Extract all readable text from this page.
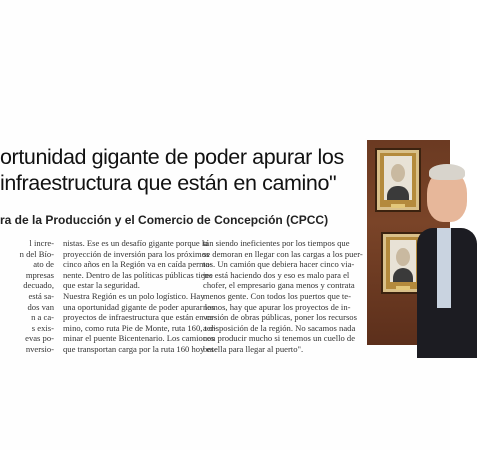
ortunidad gigante de poder apurar los
infraestructura que están en camino"
ra de la Producción y el Comercio de Concepción (CPCC)
l incre-
n del Bío-
ato de
mpresas
decuado,
está sa-
dos van
n a ca-
s exis-
evas po-
nversio-
nistas. Ese es un desafío gigante porque la
proyección de inversión para los próximos
cinco años en la Región va en caída perma-
nente. Dentro de las políticas públicas tiene
que estar la seguridad.
Nuestra Región es un polo logístico. Hay
una oportunidad gigante de poder apurar los
proyectos de infraestructura que están en ca-
mino, como ruta Pie de Monte, ruta 160, ter-
minar el puente Bicentenario. Los camiones
que transportan carga por la ruta 160 hoy es-
tán siendo ineficientes por los tiempos que
se demoran en llegar con las cargas a los puer-
tos. Un camión que debiera hacer cinco via-
jes está haciendo dos y eso es malo para el
chofer, el empresario gana menos y contrata
menos gente. Con todos los puertos que te-
nemos, hay que apurar los proyectos de in-
versión de obras públicas, poner los recursos
a disposición de la región. No sacamos nada
con producir mucho si tenemos un cuello de
botella para llegar al puerto".
